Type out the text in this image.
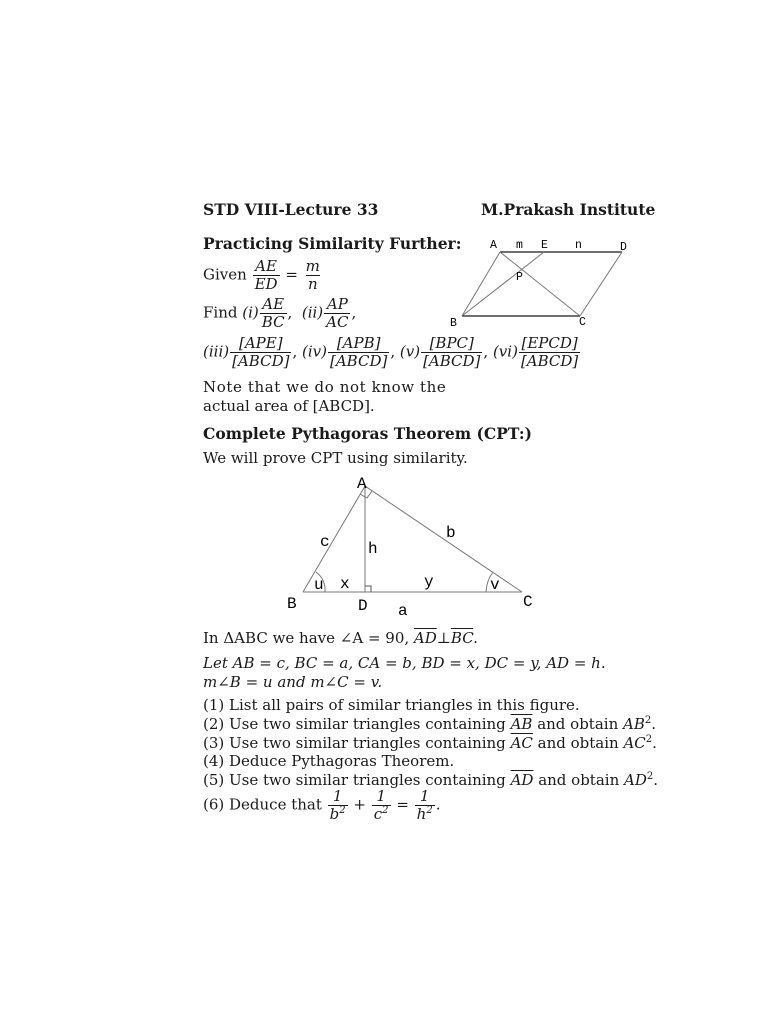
STD VIII-Lecture 33	M.Prakash Institute
Practicing Similarity Further:
Given $\frac{AE}{ED} = \frac{m}{n}$
Find $(i) \frac{AE}{BC}$ ,  $(ii) \frac{AP}{AC}$ ,
$(iii) \frac{\text{[APE]}}{\text{[ABCD]}}$ , $(iv) \frac{\text{[APB]}}{\text{[ABCD]}}$ , $(v) \frac{\text{[BPC]}}{\text{[ABCD]}}$ , $(vi) \frac{\text{[EPCD]}}{\text{[ABCD]}}$
Note that we do not know the
actual area of [ABCD].
A m E n	D
P
B	C
Complete Pythagoras Theorem (CPT:)
We will prove CPT using similarity.
A
B	C
D a
b
c h
x	y
u	v
In ΔABC we have ∠A = 90, $\overline{AD}\perp\overline{BC}$.
Let AB = c, BC = a, CA = b, BD = x, DC = y, AD = h.
m∠B = u and m∠C = v.
(1) List all pairs of similar triangles in this figure.
(2) Use two similar triangles containing $\overline{AB}$ and obtain $AB^2$.
(3) Use two similar triangles containing $\overline{AC}$ and obtain $AC^2$.
(4) Deduce Pythagoras Theorem.
(5) Use two similar triangles containing $\overline{AD}$ and obtain $AD^2$.
(6) Deduce that $\frac{1}{b^2} + \frac{1}{c^2} = \frac{1}{h^2}$ .
